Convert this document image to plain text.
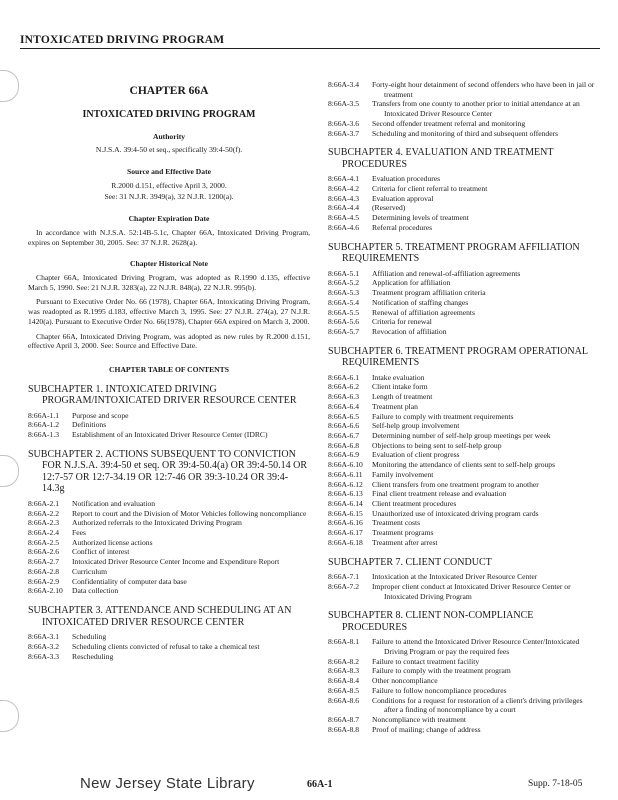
INTOXICATED DRIVING PROGRAM
CHAPTER 66A
INTOXICATED DRIVING PROGRAM
Authority
N.J.S.A. 39:4-50 et seq., specifically 39:4-50(f).
Source and Effective Date
R.2000 d.151, effective April 3, 2000.
See: 31 N.J.R. 3949(a), 32 N.J.R. 1200(a).
Chapter Expiration Date

In accordance with N.J.S.A. 52:14B-5.1c, Chapter 66A, Intoxicated Driving Program, expires on September 30, 2005. See: 37 N.J.R. 2628(a).

Chapter Historical Note

Chapter 66A, Intoxicated Driving Program, was adopted as R.1990 d.135, effective March 5, 1990. See: 21 N.J.R. 3283(a), 22 N.J.R. 848(a), 22 N.J.R. 995(b).

Pursuant to Executive Order No. 66 (1978), Chapter 66A, Intoxicating Driving Program, was readopted as R.1995 d.183, effective March 3, 1995. See: 27 N.J.R. 274(a), 27 N.J.R. 1420(a). Pursuant to Executive Order No. 66(1978), Chapter 66A expired on March 3, 2000.

Chapter 66A, Intoxicated Driving Program, was adopted as new rules by R.2000 d.151, effective April 3, 2000. See: Source and Effective Date.

CHAPTER TABLE OF CONTENTS
SUBCHAPTER 1. INTOXICATED DRIVING PROGRAM/INTOXICATED DRIVER RESOURCE CENTER
8:66A-1.1	Purpose and scope
8:66A-1.2	Definitions
8:66A-1.3	Establishment of an Intoxicated Driver Resource Center (IDRC)
SUBCHAPTER 2. ACTIONS SUBSEQUENT TO CONVICTION FOR N.J.S.A. 39:4-50 et seq. OR 39:4-50.4(a) OR 39:4-50.14 OR 12:7-57 OR 12:7-34.19 OR 12:7-46 OR 39:3-10.24 OR 39:4-14.3g
8:66A-2.1	Notification and evaluation
8:66A-2.2	Report to court and the Division of Motor Vehicles following noncompliance
8:66A-2.3	Authorized referrals to the Intoxicated Driving Program
8:66A-2.4	Fees
8:66A-2.5	Authorized license actions
8:66A-2.6	Conflict of interest
8:66A-2.7	Intoxicated Driver Resource Center Income and Expenditure Report
8:66A-2.8	Curriculum
8:66A-2.9	Confidentiality of computer data base
8:66A-2.10	Data collection
SUBCHAPTER 3. ATTENDANCE AND SCHEDULING AT AN INTOXICATED DRIVER RESOURCE CENTER
8:66A-3.1	Scheduling
8:66A-3.2	Scheduling clients convicted of refusal to take a chemical test
8:66A-3.3	Rescheduling
8:66A-3.4	Forty-eight hour detainment of second offenders who have been in jail or treatment
8:66A-3.5	Transfers from one county to another prior to initial attendance at an Intoxicated Driver Resource Center
8:66A-3.6	Second offender treatment referral and monitoring
8:66A-3.7	Scheduling and monitoring of third and subsequent offenders
SUBCHAPTER 4. EVALUATION AND TREATMENT PROCEDURES
8:66A-4.1	Evaluation procedures
8:66A-4.2	Criteria for client referral to treatment
8:66A-4.3	Evaluation approval
8:66A-4.4	(Reserved)
8:66A-4.5	Determining levels of treatment
8:66A-4.6	Referral procedures
SUBCHAPTER 5. TREATMENT PROGRAM AFFILIATION REQUIREMENTS
8:66A-5.1	Affiliation and renewal-of-affiliation agreements
8:66A-5.2	Application for affiliation
8:66A-5.3	Treatment program affiliation criteria
8:66A-5.4	Notification of staffing changes
8:66A-5.5	Renewal of affiliation agreements
8:66A-5.6	Criteria for renewal
8:66A-5.7	Revocation of affiliation
SUBCHAPTER 6. TREATMENT PROGRAM OPERATIONAL REQUIREMENTS
8:66A-6.1	Intake evaluation
8:66A-6.2	Client intake form
8:66A-6.3	Length of treatment
8:66A-6.4	Treatment plan
8:66A-6.5	Failure to comply with treatment requirements
8:66A-6.6	Self-help group involvement
8:66A-6.7	Determining number of self-help group meetings per week
8:66A-6.8	Objections to being sent to self-help group
8:66A-6.9	Evaluation of client progress
8:66A-6.10	Monitoring the attendance of clients sent to self-help groups
8:66A-6.11	Family involvement
8:66A-6.12	Client transfers from one treatment program to another
8:66A-6.13	Final client treatment release and evaluation
8:66A-6.14	Client treatment procedures
8:66A-6.15	Unauthorized use of intoxicated driving program cards
8:66A-6.16	Treatment costs
8:66A-6.17	Treatment programs
8:66A-6.18	Treatment after arrest
SUBCHAPTER 7. CLIENT CONDUCT
8:66A-7.1	Intoxication at the Intoxicated Driver Resource Center
8:66A-7.2	Improper client conduct at Intoxicated Driver Resource Center or Intoxicated Driving Program
SUBCHAPTER 8. CLIENT NON-COMPLIANCE PROCEDURES
8:66A-8.1	Failure to attend the Intoxicated Driver Resource Center/Intoxicated Driving Program or pay the required fees
8:66A-8.2	Failure to contact treatment facility
8:66A-8.3	Failure to comply with the treatment program
8:66A-8.4	Other noncompliance
8:66A-8.5	Failure to follow noncompliance procedures
8:66A-8.6	Conditions for a request for restoration of a client's driving privileges after a finding of noncompliance by a court
8:66A-8.7	Noncompliance with treatment
8:66A-8.8	Proof of mailing; change of address
New Jersey State Library	66A-1	Supp. 7-18-05
